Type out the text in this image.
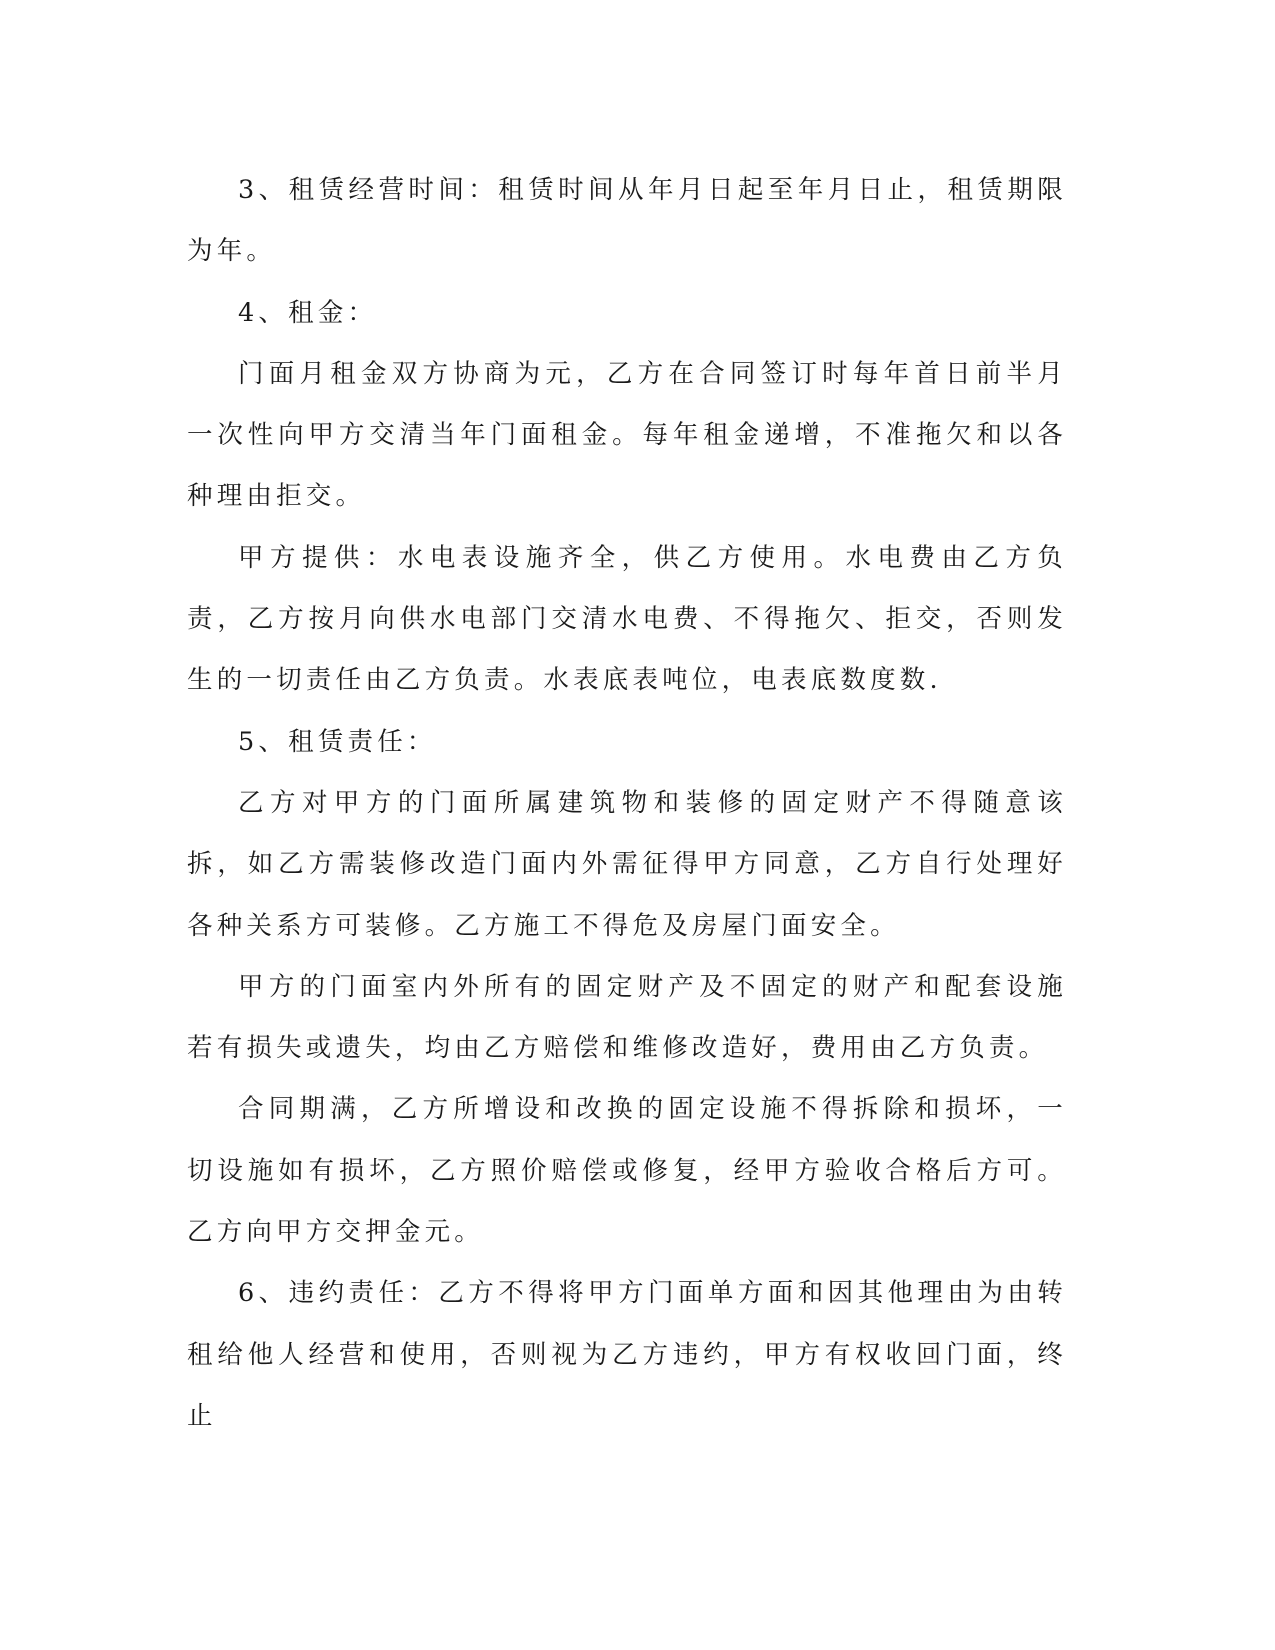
3、租赁经营时间：租赁时间从年月日起至年月日止，租赁期限为年。

4、租金：

门面月租金双方协商为元，乙方在合同签订时每年首日前半月一次性向甲方交清当年门面租金。每年租金递增，不准拖欠和以各种理由拒交。

甲方提供：水电表设施齐全，供乙方使用。水电费由乙方负责，乙方按月向供水电部门交清水电费、不得拖欠、拒交，否则发生的一切责任由乙方负责。水表底表吨位，电表底数度数.

5、租赁责任：

乙方对甲方的门面所属建筑物和装修的固定财产不得随意该拆，如乙方需装修改造门面内外需征得甲方同意，乙方自行处理好各种关系方可装修。乙方施工不得危及房屋门面安全。

甲方的门面室内外所有的固定财产及不固定的财产和配套设施若有损失或遗失，均由乙方赔偿和维修改造好，费用由乙方负责。

合同期满，乙方所增设和改换的固定设施不得拆除和损坏，一切设施如有损坏，乙方照价赔偿或修复，经甲方验收合格后方可。乙方向甲方交押金元。

6、违约责任：乙方不得将甲方门面单方面和因其他理由为由转租给他人经营和使用，否则视为乙方违约，甲方有权收回门面，终止
